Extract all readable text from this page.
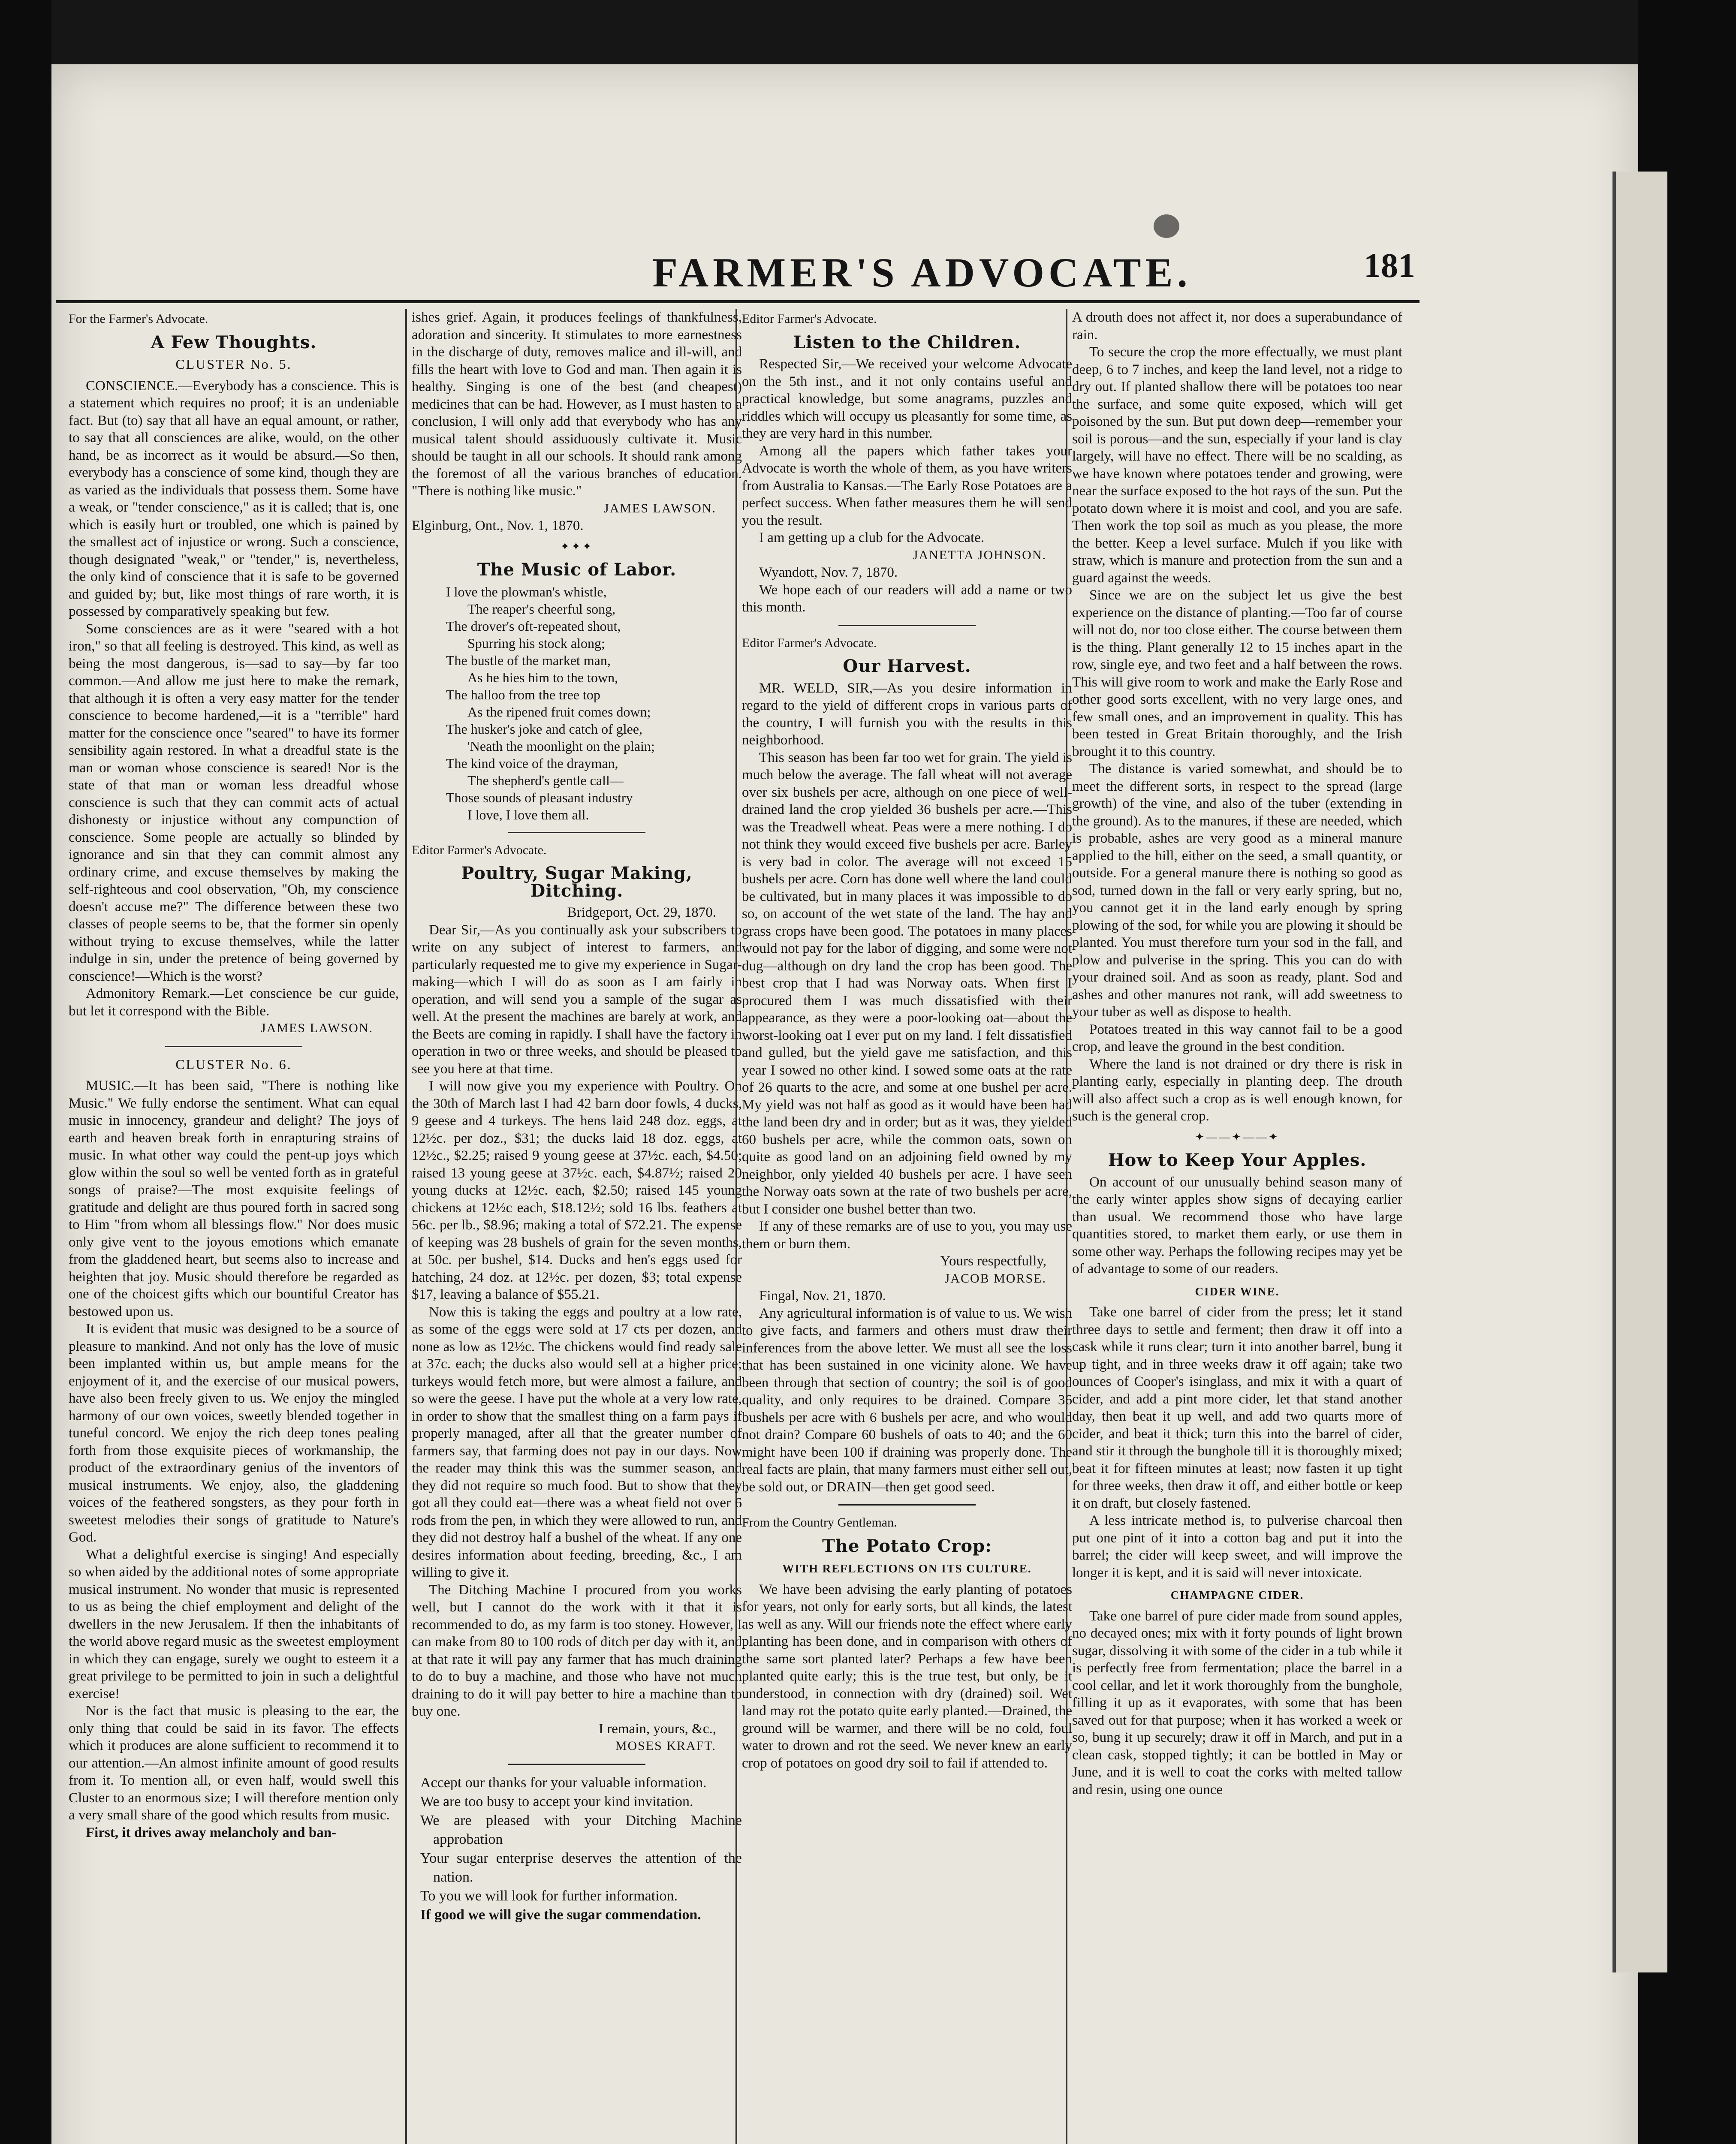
FARMER'S ADVOCATE.	181

For the Farmer's Advocate.

A Few Thoughts.
CLUSTER No. 5.

CONSCIENCE.—Everybody has a conscience. This is a statement which requires no proof; it is an undeniable fact. But (to) say that all have an equal amount, or rather, to say that all consciences are alike, would, on the other hand, be as incorrect as it would be absurd.—So then, everybody has a conscience of some kind, though they are as varied as the individuals that possess them. Some have a weak, or "tender conscience," as it is called; that is, one which is easily hurt or troubled, one which is pained by the smallest act of injustice or wrong. Such a conscience, though designated "weak," or "tender," is, nevertheless, the only kind of conscience that it is safe to be governed and guided by; but, like most things of rare worth, it is possessed by comparatively speaking but few.

Some consciences are as it were "seared with a hot iron," so that all feeling is destroyed. This kind, as well as being the most dangerous, is—sad to say—by far too common.—And allow me just here to make the remark, that although it is often a very easy matter for the tender conscience to become hardened,—it is a "terrible" hard matter for the conscience once "seared" to have its former sensibility again restored. In what a dreadful state is the man or woman whose conscience is seared! Nor is the state of that man or woman less dreadful whose conscience is such that they can commit acts of actual dishonesty or injustice without any compunction of conscience. Some people are actually so blinded by ignorance and sin that they can commit almost any ordinary crime, and excuse themselves by making the self-righteous and cool observation, "Oh, my conscience doesn't accuse me?" The difference between these two classes of people seems to be, that the former sin openly without trying to excuse themselves, while the latter indulge in sin, under the pretence of being governed by conscience!—Which is the worst?

Admonitory Remark.—Let conscience be cur guide, but let it correspond with the Bible.

JAMES LAWSON.

CLUSTER No. 6.

MUSIC.—It has been said, "There is nothing like Music." We fully endorse the sentiment. What can equal music in innocency, grandeur and delight? The joys of earth and heaven break forth in enrapturing strains of music. In what other way could the pent-up joys which glow within the soul so well be vented forth as in grateful songs of praise?—The most exquisite feelings of gratitude and delight are thus poured forth in sacred song to Him "from whom all blessings flow." Nor does music only give vent to the joyous emotions which emanate from the gladdened heart, but seems also to increase and heighten that joy. Music should therefore be regarded as one of the choicest gifts which our bountiful Creator has bestowed upon us.

It is evident that music was designed to be a source of pleasure to mankind. And not only has the love of music been implanted within us, but ample means for the enjoyment of it, and the exercise of our musical powers, have also been freely given to us. We enjoy the mingled harmony of our own voices, sweetly blended together in tuneful concord. We enjoy the rich deep tones pealing forth from those exquisite pieces of workmanship, the product of the extraordinary genius of the inventors of musical instruments. We enjoy, also, the gladdening voices of the feathered songsters, as they pour forth in sweetest melodies their songs of gratitude to Nature's God.

What a delightful exercise is singing! And especially so when aided by the additional notes of some appropriate musical instrument. No wonder that music is represented to us as being the chief employment and delight of the dwellers in the new Jerusalem. If then the inhabitants of the world above regard music as the sweetest employment in which they can engage, surely we ought to esteem it a great privilege to be permitted to join in such a delightful exercise!

Nor is the fact that music is pleasing to the ear, the only thing that could be said in its favor. The effects which it produces are alone sufficient to recommend it to our attention.—An almost infinite amount of good results from it. To mention all, or even half, would swell this Cluster to an enormous size; I will therefore mention only a very small share of the good which results from music.

First, it drives away melancholy and ban-

ishes grief. Again, it produces feelings of thankfulness, adoration and sincerity. It stimulates to more earnestness in the discharge of duty, removes malice and ill-will, and fills the heart with love to God and man. Then again it is healthy. Singing is one of the best (and cheapest) medicines that can be had. However, as I must hasten to a conclusion, I will only add that everybody who has any musical talent should assiduously cultivate it. Music should be taught in all our schools. It should rank among the foremost of all the various branches of education. "There is nothing like music."

JAMES LAWSON.

Elginburg, Ont., Nov. 1, 1870.

✦✦✦

The Music of Labor.

I love the plowman's whistle,

The reaper's cheerful song,

The drover's oft-repeated shout,

Spurring his stock along;

The bustle of the market man,

As he hies him to the town,

The halloo from the tree top

As the ripened fruit comes down;

The husker's joke and catch of glee,

'Neath the moonlight on the plain;

The kind voice of the drayman,

The shepherd's gentle call—

Those sounds of pleasant industry

I love, I love them all.

Editor Farmer's Advocate.

Poultry, Sugar Making, Ditching.

Bridgeport, Oct. 29, 1870.

Dear Sir,—As you continually ask your subscribers to write on any subject of interest to farmers, and particularly requested me to give my experience in Sugar-making—which I will do as soon as I am fairly in operation, and will send you a sample of the sugar as well. At the present the machines are barely at work, and the Beets are coming in rapidly. I shall have the factory in operation in two or three weeks, and should be pleased to see you here at that time.

I will now give you my experience with Poultry. On the 30th of March last I had 42 barn door fowls, 4 ducks, 9 geese and 4 turkeys. The hens laid 248 doz. eggs, at 12½c. per doz., $31; the ducks laid 18 doz. eggs, at 12½c., $2.25; raised 9 young geese at 37½c. each, $4.50; raised 13 young geese at 37½c. each, $4.87½; raised 20 young ducks at 12½c. each, $2.50; raised 145 young chickens at 12½c each, $18.12½; sold 16 lbs. feathers at 56c. per lb., $8.96; making a total of $72.21. The expense of keeping was 28 bushels of grain for the seven months, at 50c. per bushel, $14. Ducks and hen's eggs used for hatching, 24 doz. at 12½c. per dozen, $3; total expense $17, leaving a balance of $55.21.

Now this is taking the eggs and poultry at a low rate, as some of the eggs were sold at 17 cts per dozen, and none as low as 12½c. The chickens would find ready sale at 37c. each; the ducks also would sell at a higher price; turkeys would fetch more, but were almost a failure, and so were the geese. I have put the whole at a very low rate, in order to show that the smallest thing on a farm pays if properly managed, after all that the greater number of farmers say, that farming does not pay in our days. Now the reader may think this was the summer season, and they did not require so much food. But to show that they got all they could eat—there was a wheat field not over 6 rods from the pen, in which they were allowed to run, and they did not destroy half a bushel of the wheat. If any one desires information about feeding, breeding, &c., I am willing to give it.

The Ditching Machine I procured from you works well, but I cannot do the work with it that it is recommended to do, as my farm is too stoney. However, I can make from 80 to 100 rods of ditch per day with it, and at that rate it will pay any farmer that has much draining to do to buy a machine, and those who have not much draining to do it will pay better to hire a machine than to buy one.

I remain, yours, &c.,

MOSES KRAFT.

Accept our thanks for your valuable information.

We are too busy to accept your kind invitation.

We are pleased with your Ditching Machine approbation

Your sugar enterprise deserves the attention of the nation.

To you we will look for further information.

If good we will give the sugar commendation.

Editor Farmer's Advocate.

Listen to the Children.

Respected Sir,—We received your welcome Advocate on the 5th inst., and it not only contains useful and practical knowledge, but some anagrams, puzzles and riddles which will occupy us pleasantly for some time, as they are very hard in this number.

Among all the papers which father takes your Advocate is worth the whole of them, as you have writers from Australia to Kansas.—The Early Rose Potatoes are a perfect success. When father measures them he will send you the result.

I am getting up a club for the Advocate.

JANETTA JOHNSON.

Wyandott, Nov. 7, 1870.

We hope each of our readers will add a name or two this month.

Editor Farmer's Advocate.

Our Harvest.

MR. WELD, SIR,—As you desire information in regard to the yield of different crops in various parts of the country, I will furnish you with the results in this neighborhood.

This season has been far too wet for grain. The yield is much below the average. The fall wheat will not average over six bushels per acre, although on one piece of well-drained land the crop yielded 36 bushels per acre.—This was the Treadwell wheat. Peas were a mere nothing. I do not think they would exceed five bushels per acre. Barley is very bad in color. The average will not exceed 15 bushels per acre. Corn has done well where the land could be cultivated, but in many places it was impossible to do so, on account of the wet state of the land. The hay and grass crops have been good. The potatoes in many places would not pay for the labor of digging, and some were not dug—although on dry land the crop has been good. The best crop that I had was Norway oats. When first I procured them I was much dissatisfied with their appearance, as they were a poor-looking oat—about the worst-looking oat I ever put on my land. I felt dissatisfied and gulled, but the yield gave me satisfaction, and this year I sowed no other kind. I sowed some oats at the rate of 26 quarts to the acre, and some at one bushel per acre. My yield was not half as good as it would have been had the land been dry and in order; but as it was, they yielded 60 bushels per acre, while the common oats, sown on quite as good land on an adjoining field owned by my neighbor, only yielded 40 bushels per acre. I have seen the Norway oats sown at the rate of two bushels per acre, but I consider one bushel better than two.

If any of these remarks are of use to you, you may use them or burn them.

Yours respectfully,

JACOB MORSE.

Fingal, Nov. 21, 1870.

Any agricultural information is of value to us. We wish to give facts, and farmers and others must draw their inferences from the above letter. We must all see the loss that has been sustained in one vicinity alone. We have been through that section of country; the soil is of good quality, and only requires to be drained. Compare 36 bushels per acre with 6 bushels per acre, and who would not drain? Compare 60 bushels of oats to 40; and the 60 might have been 100 if draining was properly done. The real facts are plain, that many farmers must either sell out, be sold out, or DRAIN—then get good seed.

From the Country Gentleman.

The Potato Crop:
WITH REFLECTIONS ON ITS CULTURE.

We have been advising the early planting of potatoes for years, not only for early sorts, but all kinds, the latest as well as any. Will our friends note the effect where early planting has been done, and in comparison with others of the same sort planted later? Perhaps a few have been planted quite early; this is the true test, but only, be it understood, in connection with dry (drained) soil. Wet land may rot the potato quite early planted.—Drained, the ground will be warmer, and there will be no cold, foul water to drown and rot the seed. We never knew an early crop of potatoes on good dry soil to fail if attended to.

A drouth does not affect it, nor does a superabundance of rain.

To secure the crop the more effectually, we must plant deep, 6 to 7 inches, and keep the land level, not a ridge to dry out. If planted shallow there will be potatoes too near the surface, and some quite exposed, which will get poisoned by the sun. But put down deep—remember your soil is porous—and the sun, especially if your land is clay largely, will have no effect. There will be no scalding, as we have known where potatoes tender and growing, were near the surface exposed to the hot rays of the sun. Put the potato down where it is moist and cool, and you are safe. Then work the top soil as much as you please, the more the better. Keep a level surface. Mulch if you like with straw, which is manure and protection from the sun and a guard against the weeds.

Since we are on the subject let us give the best experience on the distance of planting.—Too far of course will not do, nor too close either. The course between them is the thing. Plant generally 12 to 15 inches apart in the row, single eye, and two feet and a half between the rows. This will give room to work and make the Early Rose and other good sorts excellent, with no very large ones, and few small ones, and an improvement in quality. This has been tested in Great Britain thoroughly, and the Irish brought it to this country.

The distance is varied somewhat, and should be to meet the different sorts, in respect to the spread (large growth) of the vine, and also of the tuber (extending in the ground). As to the manures, if these are needed, which is probable, ashes are very good as a mineral manure applied to the hill, either on the seed, a small quantity, or outside. For a general manure there is nothing so good as sod, turned down in the fall or very early spring, but no, you cannot get it in the land early enough by spring plowing of the sod, for while you are plowing it should be planted. You must therefore turn your sod in the fall, and plow and pulverise in the spring. This you can do with your drained soil. And as soon as ready, plant. Sod and ashes and other manures not rank, will add sweetness to your tuber as well as dispose to health.

Potatoes treated in this way cannot fail to be a good crop, and leave the ground in the best condition.

Where the land is not drained or dry there is risk in planting early, especially in planting deep. The drouth will also affect such a crop as is well enough known, for such is the general crop.

✦——✦——✦

How to Keep Your Apples.

On account of our unusually behind season many of the early winter apples show signs of decaying earlier than usual. We recommend those who have large quantities stored, to market them early, or use them in some other way. Perhaps the following recipes may yet be of advantage to some of our readers.

CIDER WINE.

Take one barrel of cider from the press; let it stand three days to settle and ferment; then draw it off into a cask while it runs clear; turn it into another barrel, bung it up tight, and in three weeks draw it off again; take two ounces of Cooper's isinglass, and mix it with a quart of cider, and add a pint more cider, let that stand another day, then beat it up well, and add two quarts more of cider, and beat it thick; turn this into the barrel of cider, and stir it through the bunghole till it is thoroughly mixed; beat it for fifteen minutes at least; now fasten it up tight for three weeks, then draw it off, and either bottle or keep it on draft, but closely fastened.

A less intricate method is, to pulverise charcoal then put one pint of it into a cotton bag and put it into the barrel; the cider will keep sweet, and will improve the longer it is kept, and it is said will never intoxicate.

CHAMPAGNE CIDER.

Take one barrel of pure cider made from sound apples, no decayed ones; mix with it forty pounds of light brown sugar, dissolving it with some of the cider in a tub while it is perfectly free from fermentation; place the barrel in a cool cellar, and let it work thoroughly from the bunghole, filling it up as it evaporates, with some that has been saved out for that purpose; when it has worked a week or so, bung it up securely; draw it off in March, and put in a clean cask, stopped tightly; it can be bottled in May or June, and it is well to coat the corks with melted tallow and resin, using one ounce
